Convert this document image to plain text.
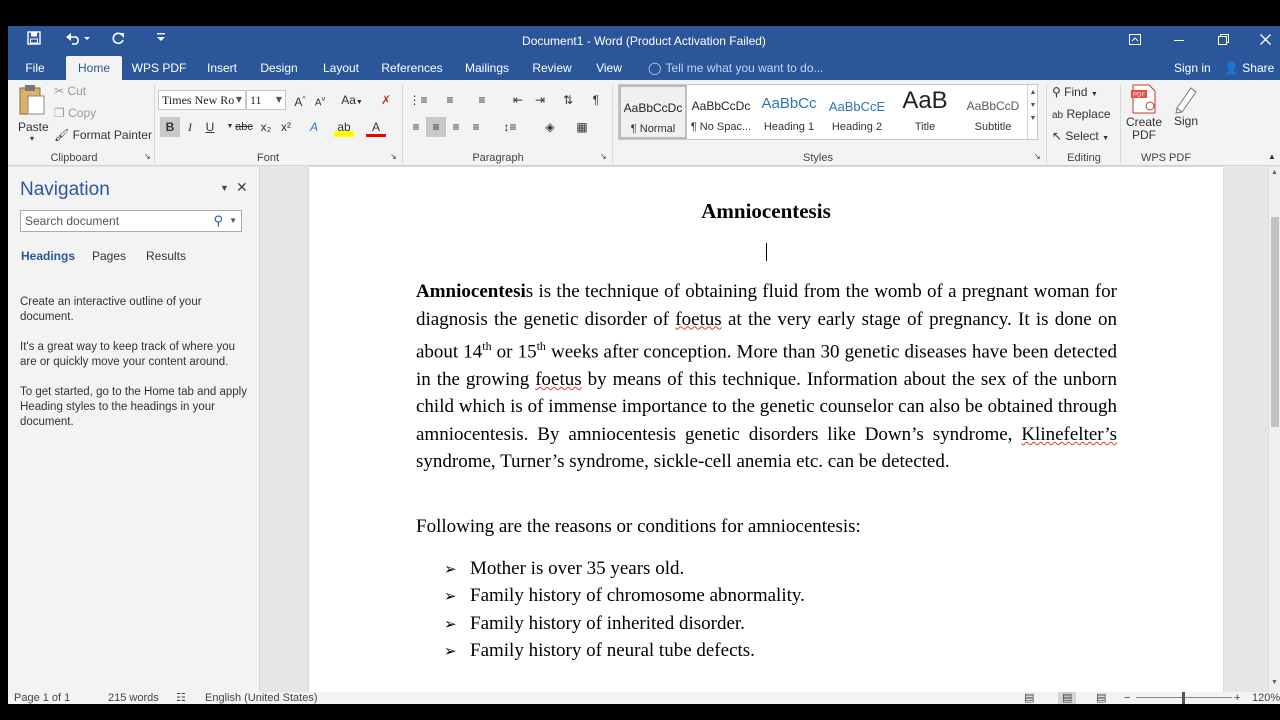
Document1 - Word (Product Activation Failed)
File	Home	WPS PDF	Insert	Design	Layout	References	Mailings	Review	View	◯ Tell me what you want to do...	Sign in 👤 Share
Paste
▾
✂ Cut
❐ Copy
🖌 Format Painter
Clipboard	↘
Times New Ro ▼ 11 ▼	A^ $A^v$	Aa▼	✗
B	I	U	▼ abc x₂ x²	A	ab	A
Font	↘
⋮≡	≡	≡	⇤ ⇥	⇅	¶
≡	≡	≡	≡	↕≡	◈	▦
Paragraph	↘
AaBbCcDc
¶ Normal
AaBbCcDc
¶ No Spac...
AaBbCc
Heading 1
AaBbCcE
Heading 2
AaB
Title
AaBbCcD
Subtitle
▲
▼
▼
Styles	↘
⚲ Find ▼
ab Replace
↖ Select ▼
Editing
PDF
Create PDF
Sign
WPS PDF	▲
Navigation	▼ ✕
Search document	⚲ ▼
Headings Pages Results
Create an interactive outline of your document.
It's a great way to keep track of where you are or quickly move your content around.
To get started, go to the Home tab and apply Heading styles to the headings in your document.
Amniocentesis
Amniocentesis is the technique of obtaining fluid from the womb of a pregnant woman for diagnosis the genetic disorder of foetus at the very early stage of pregnancy. It is done on about 14th or 15th weeks after conception. More than 30 genetic diseases have been detected in the growing foetus by means of this technique. Information about the sex of the unborn child which is of immense importance to the genetic counselor can also be obtained through amniocentesis. By amniocentesis genetic disorders like Down’s syndrome, Klinefelter’s syndrome, Turner’s syndrome, sickle-cell anemia etc. can be detected.
Following are the reasons or conditions for amniocentesis:
➢ Mother is over 35 years old.
➢ Family history of chromosome abnormality.
➢ Family history of inherited disorder.
➢ Family history of neural tube defects.
▲
▼
Page 1 of 1	215 words ☷ English (United States)	▤	▤	▤ −	+ 120%
